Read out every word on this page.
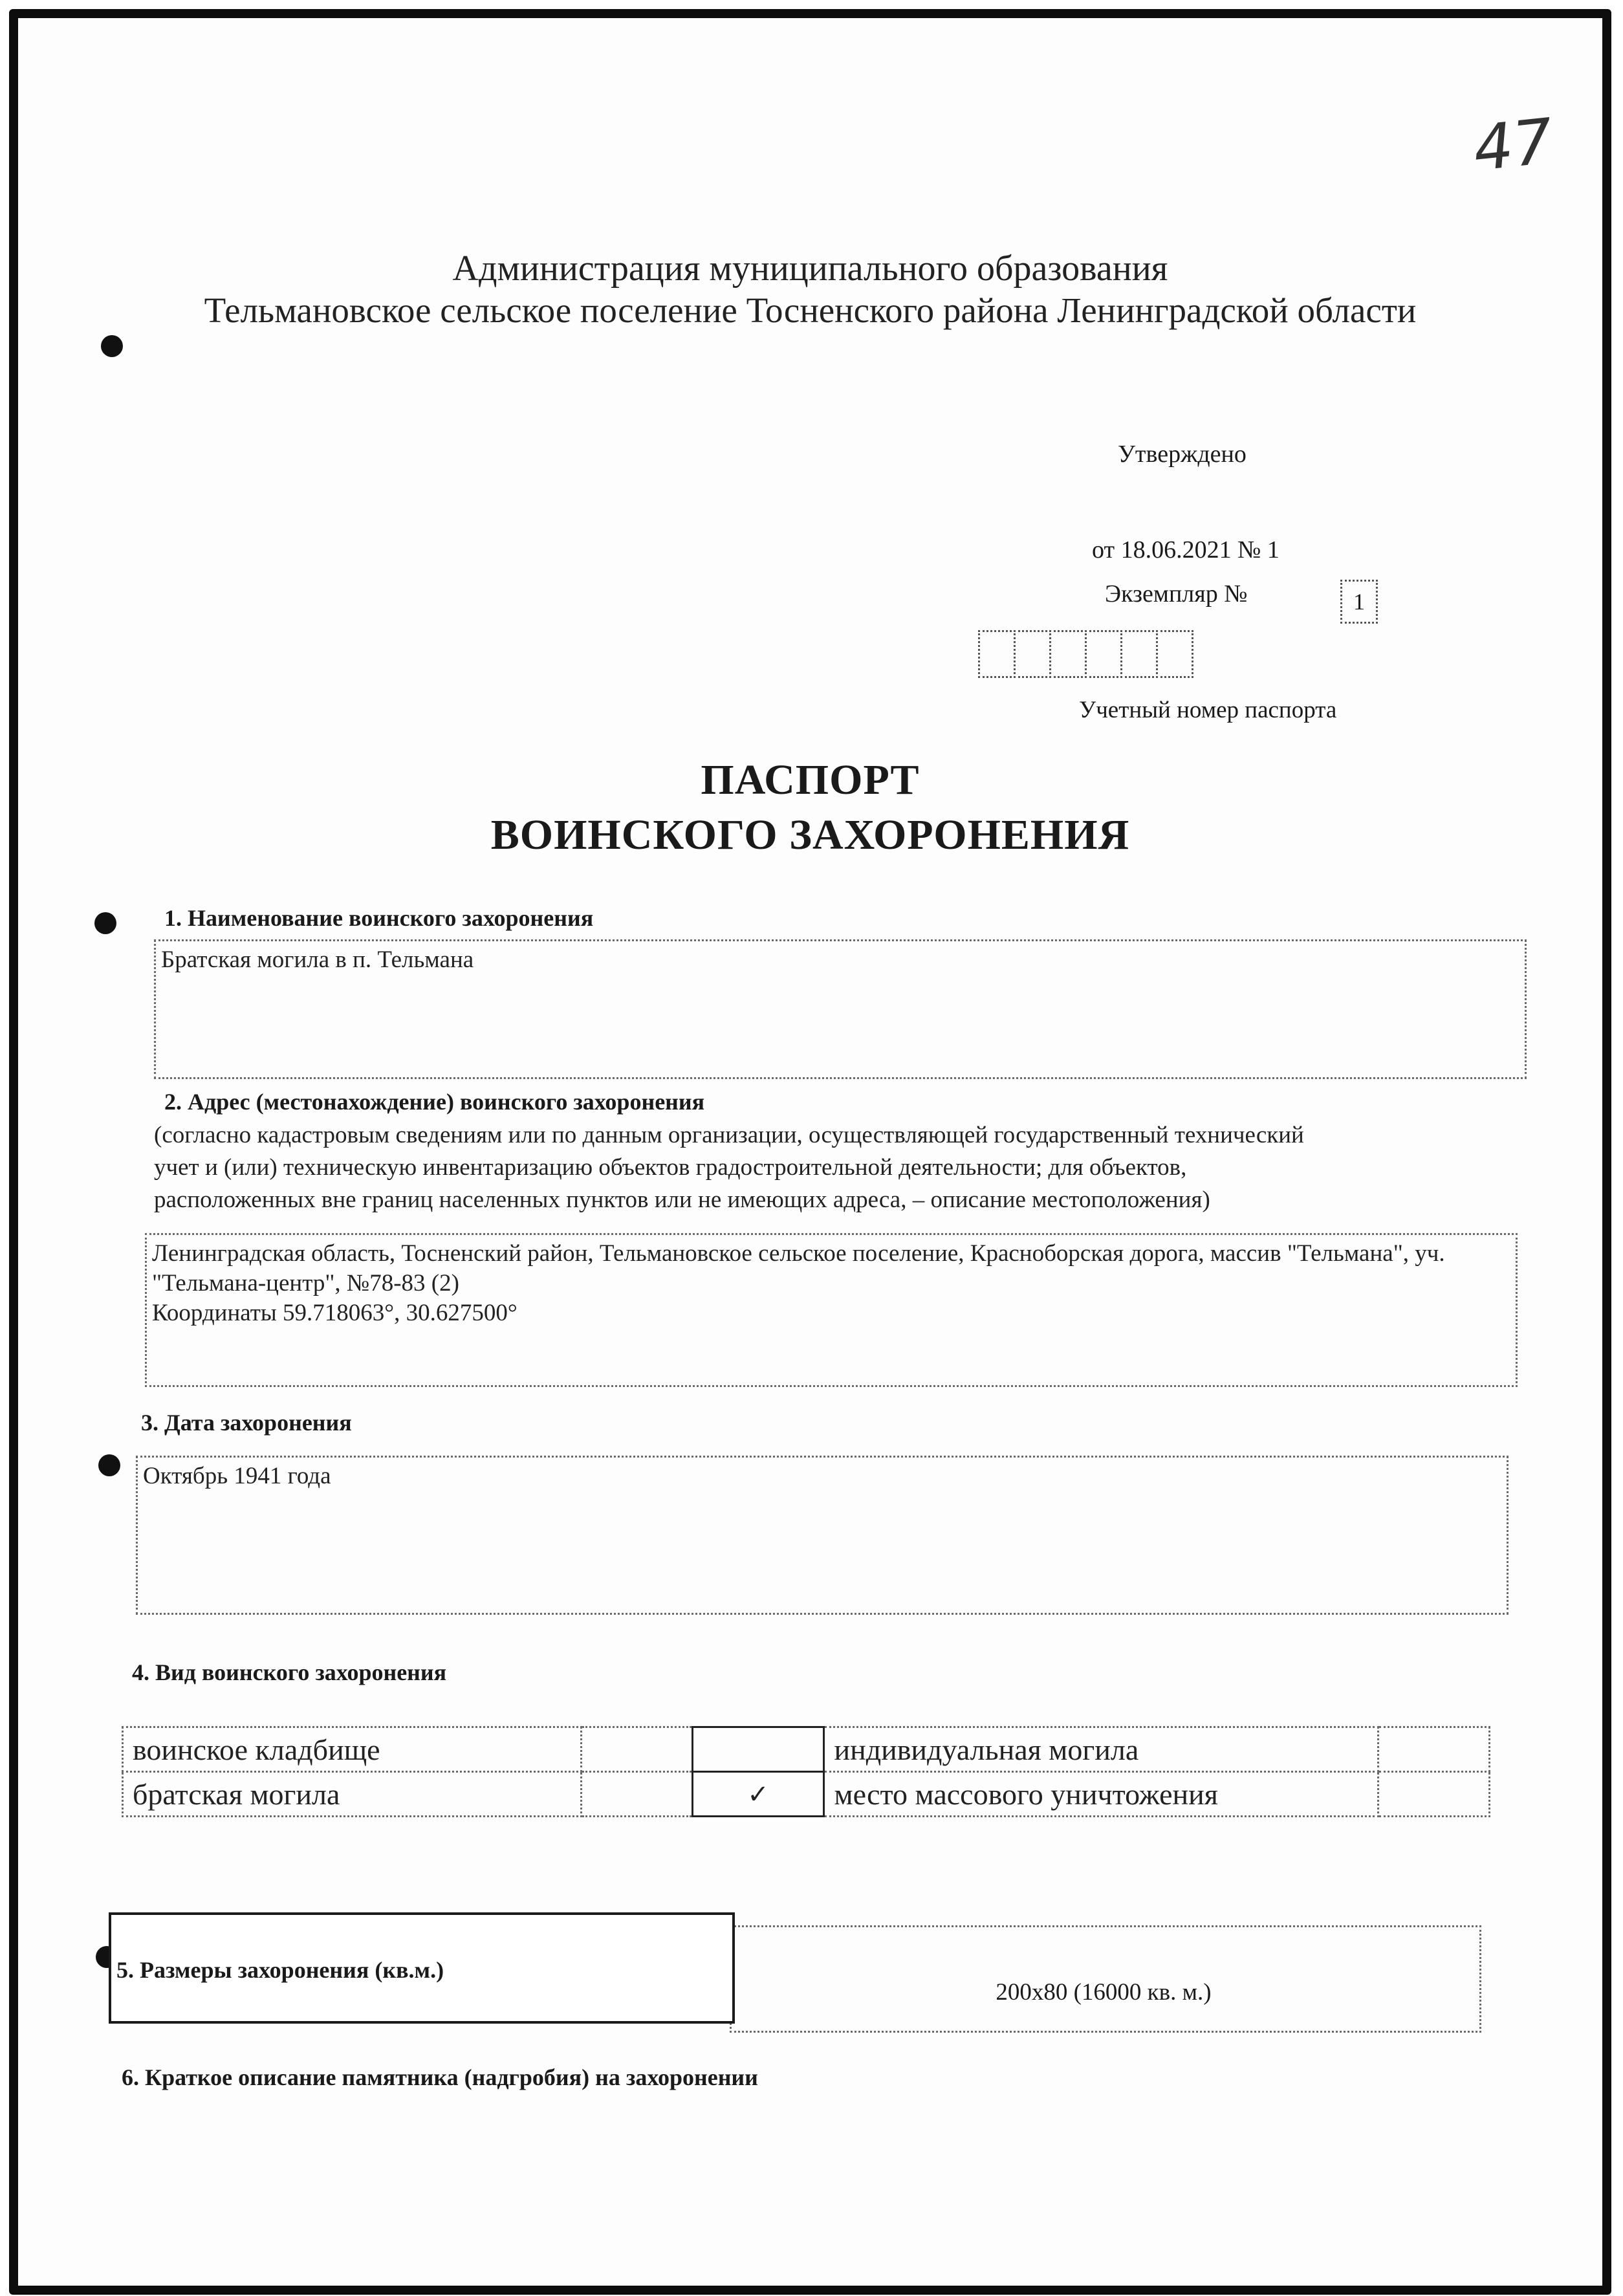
47
Администрация муниципального образования
Тельмановское сельское поселение Тосненского района Ленинградской области
Утверждено
от 18.06.2021 № 1
Экземпляр №	1
Учетный номер паспорта
ПАСПОРТ
ВОИНСКОГО ЗАХОРОНЕНИЯ
1. Наименование воинского захоронения
Братская могила в п. Тельмана
2. Адрес (местонахождение) воинского захоронения
(согласно кадастровым сведениям или по данным организации, осуществляющей государственный технический
учет и (или) техническую инвентаризацию объектов градостроительной деятельности; для объектов,
расположенных вне границ населенных пунктов или не имеющих адреса, – описание местоположения)
Ленинградская область, Тосненский район, Тельмановское сельское поселение, Красноборская дорога, массив "Тельмана", уч.
"Тельмана-центр", №78-83 (2)
Координаты 59.718063°, 30.627500°
3. Дата захоронения
Октябрь 1941 года
4. Вид воинского захоронения
воинское кладбище			индивидуальная могила	
братская могила		✓	место массового уничтожения	
200x80 (16000 кв. м.)
5. Размеры захоронения (кв.м.)
6. Краткое описание памятника (надгробия) на захоронении
